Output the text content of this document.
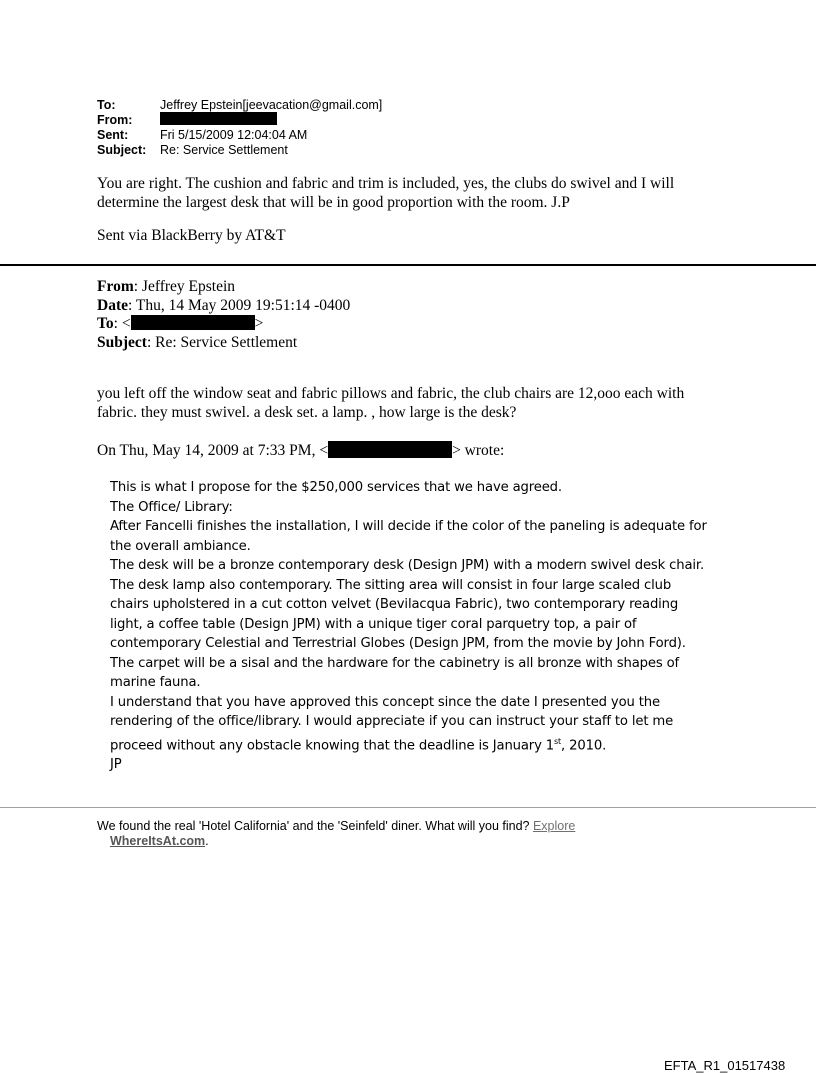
To:	Jeffrey Epstein[jeevacation@gmail.com]
From:
Sent:	Fri 5/15/2009 12:04:04 AM
Subject: Re: Service Settlement
You are right. The cushion and fabric and trim is included, yes, the clubs do swivel and I will
determine the largest desk that will be in good proportion with the room. J.P
Sent via BlackBerry by AT&T
From: Jeffrey Epstein
Date: Thu, 14 May 2009 19:51:14 -0400
To: <	>
Subject: Re: Service Settlement
you left off the window seat and fabric pillows and fabric, the club chairs are 12,ooo each with
fabric. they must swivel. a desk set. a lamp. , how large is the desk?
On Thu, May 14, 2009 at 7:33 PM, <	> wrote:
This is what I propose for the $250,000 services that we have agreed.
The Office/ Library:
After Fancelli finishes the installation, I will decide if the color of the paneling is adequate for
the overall ambiance.
The desk will be a bronze contemporary desk (Design JPM) with a modern swivel desk chair.
The desk lamp also contemporary. The sitting area will consist in four large scaled club
chairs upholstered in a cut cotton velvet (Bevilacqua Fabric), two contemporary reading
light, a coffee table (Design JPM) with a unique tiger coral parquetry top, a pair of
contemporary Celestial and Terrestrial Globes (Design JPM, from the movie by John Ford).
The carpet will be a sisal and the hardware for the cabinetry is all bronze with shapes of
marine fauna.
I understand that you have approved this concept since the date I presented you the
rendering of the office/library. I would appreciate if you can instruct your staff to let me
proceed without any obstacle knowing that the deadline is January 1st, 2010.
JP
We found the real 'Hotel California' and the 'Seinfeld' diner. What will you find? Explore
WhereItsAt.com.
EFTA_R1_01517438
